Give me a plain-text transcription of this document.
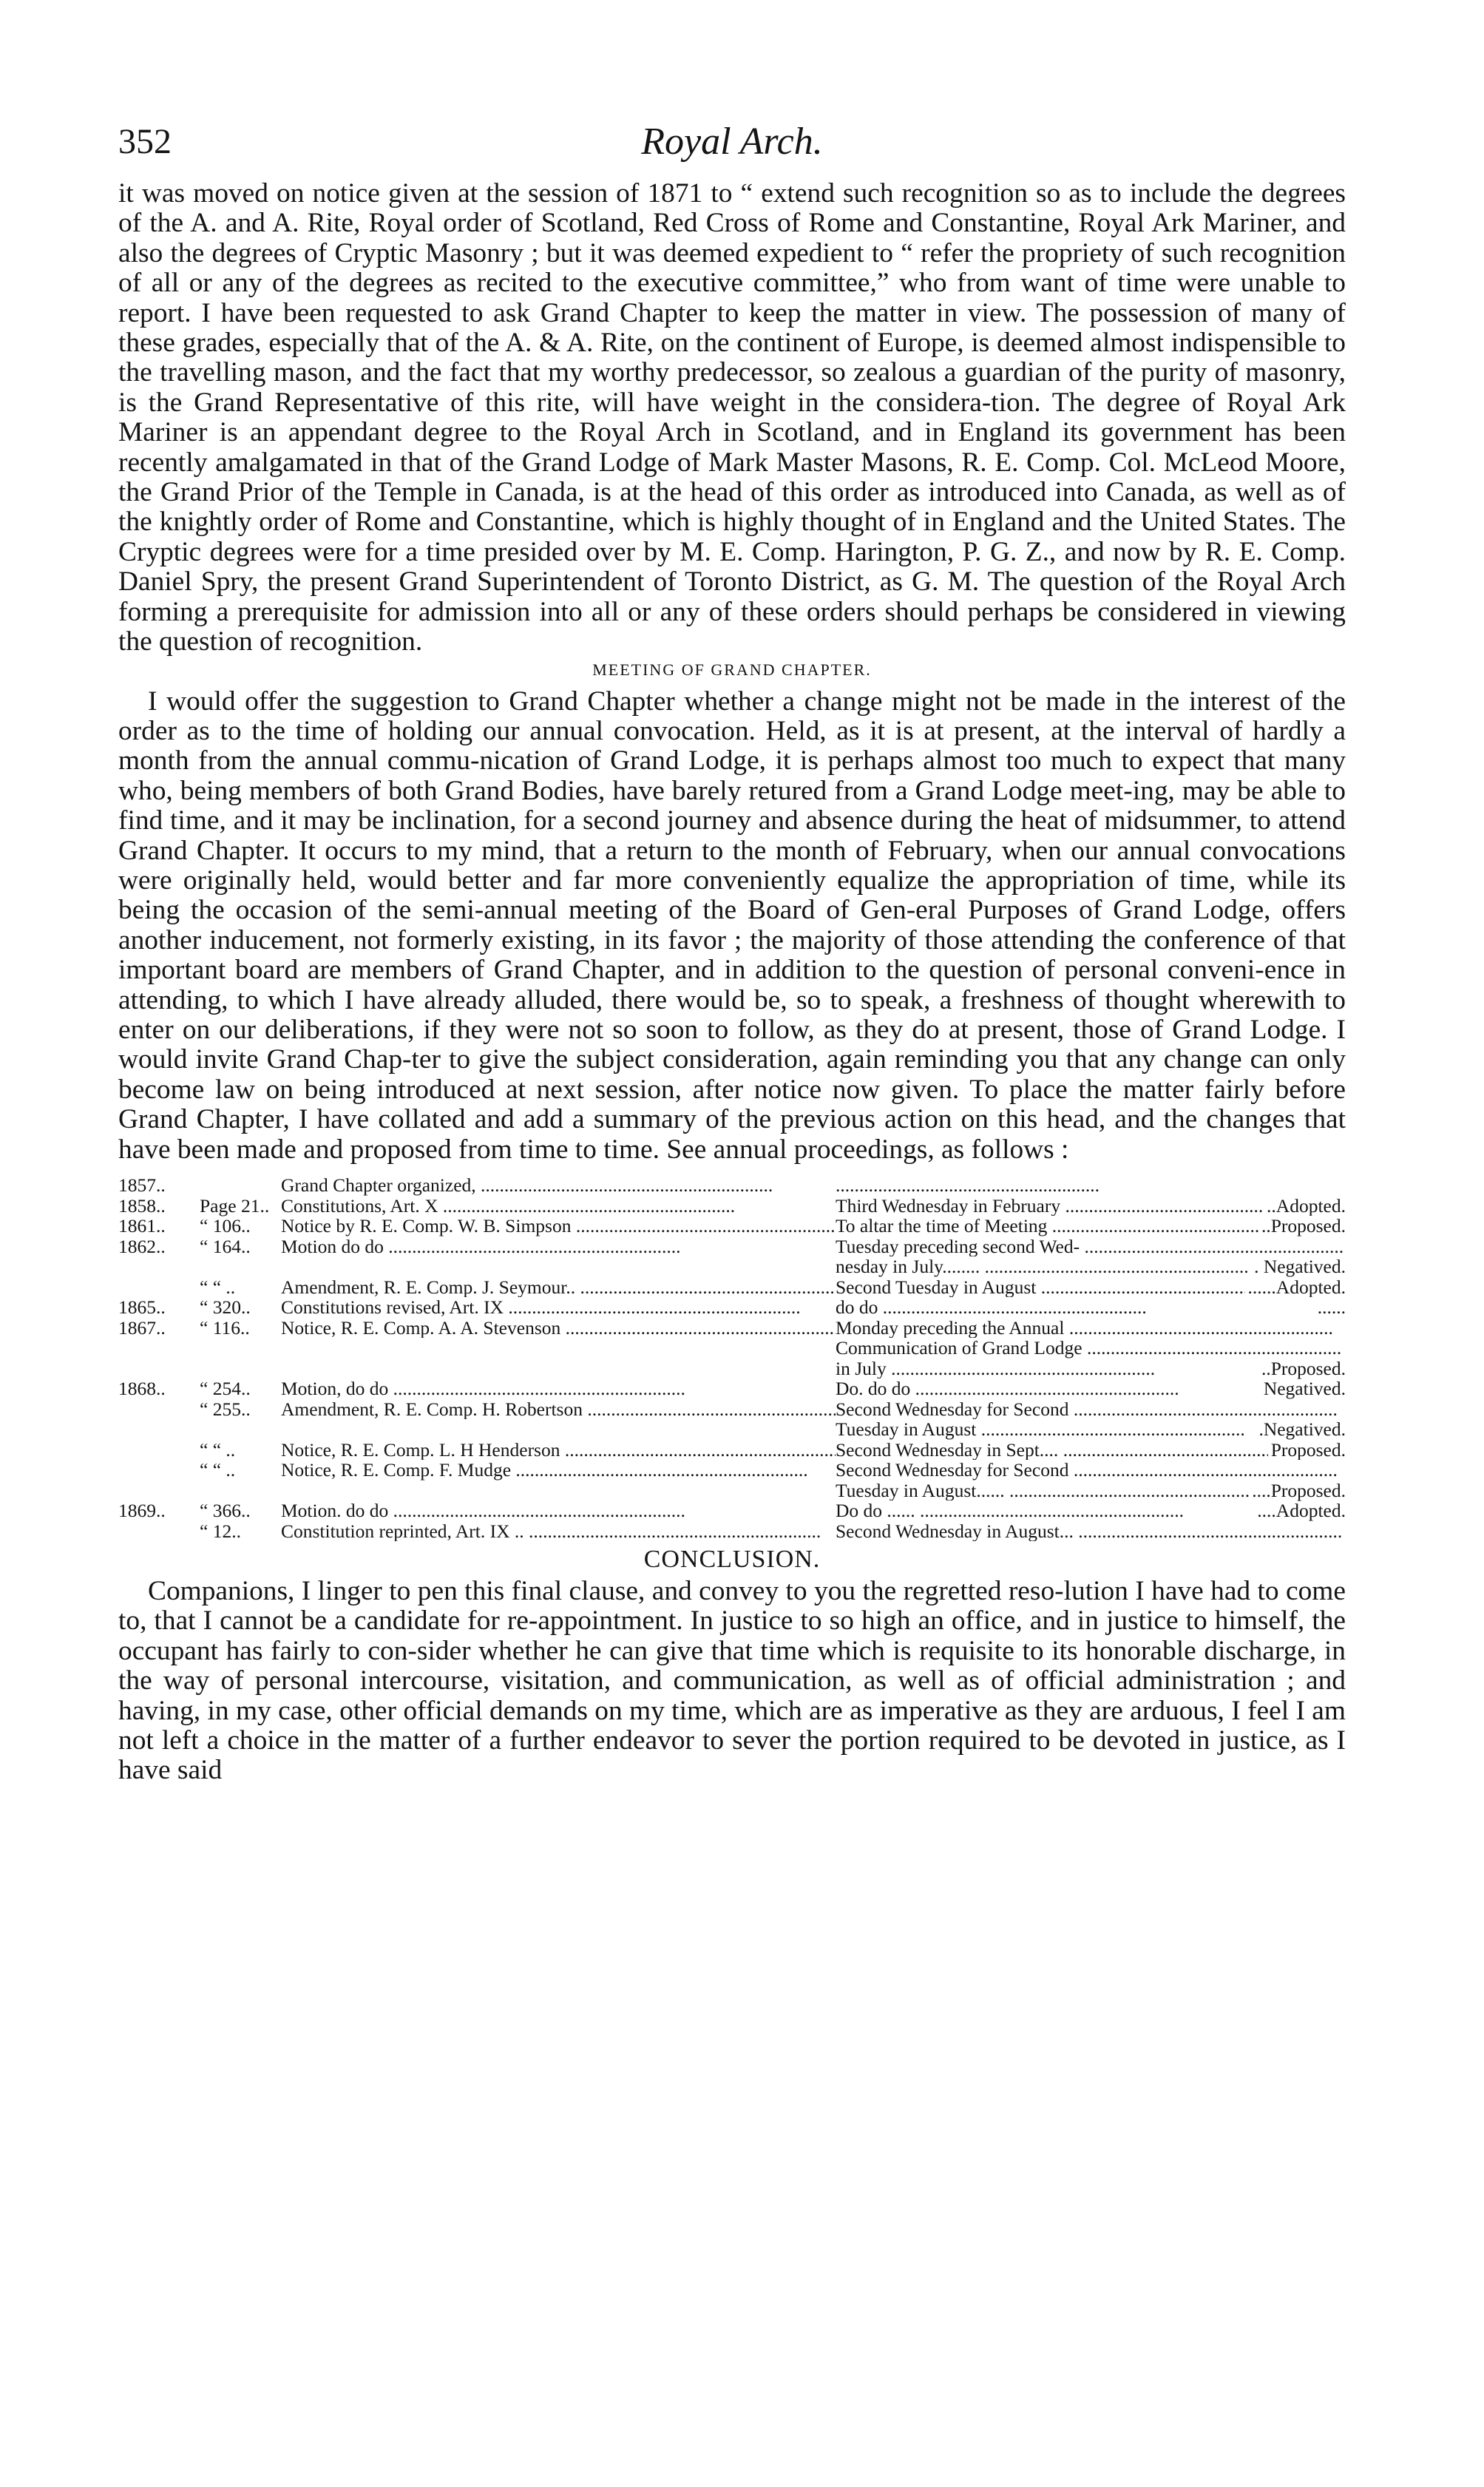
352	Royal Arch.

it was moved on notice given at the session of 1871 to “ extend such recognition so as to include the degrees of the A. and A. Rite, Royal order of Scotland, Red Cross of Rome and Constantine, Royal Ark Mariner, and also the degrees of Cryptic Masonry ; but it was deemed expedient to “ refer the propriety of such recognition of all or any of the degrees as recited to the executive committee,” who from want of time were unable to report. I have been requested to ask Grand Chapter to keep the matter in view. The possession of many of these grades, especially that of the A. & A. Rite, on the continent of Europe, is deemed almost indispensible to the travelling mason, and the fact that my worthy predecessor, so zealous a guardian of the purity of masonry, is the Grand Representative of this rite, will have weight in the considera-tion. The degree of Royal Ark Mariner is an appendant degree to the Royal Arch in Scotland, and in England its government has been recently amalgamated in that of the Grand Lodge of Mark Master Masons, R. E. Comp. Col. McLeod Moore, the Grand Prior of the Temple in Canada, is at the head of this order as introduced into Canada, as well as of the knightly order of Rome and Constantine, which is highly thought of in England and the United States. The Cryptic degrees were for a time presided over by M. E. Comp. Harington, P. G. Z., and now by R. E. Comp. Daniel Spry, the present Grand Superintendent of Toronto District, as G. M. The question of the Royal Arch forming a prerequisite for admission into all or any of these orders should perhaps be considered in viewing the question of recognition.

MEETING OF GRAND CHAPTER.

I would offer the suggestion to Grand Chapter whether a change might not be made in the interest of the order as to the time of holding our annual convocation. Held, as it is at present, at the interval of hardly a month from the annual commu-nication of Grand Lodge, it is perhaps almost too much to expect that many who, being members of both Grand Bodies, have barely retured from a Grand Lodge meet-ing, may be able to find time, and it may be inclination, for a second journey and absence during the heat of midsummer, to attend Grand Chapter. It occurs to my mind, that a return to the month of February, when our annual convocations were originally held, would better and far more conveniently equalize the appropriation of time, while its being the occasion of the semi-annual meeting of the Board of Gen-eral Purposes of Grand Lodge, offers another inducement, not formerly existing, in its favor ; the majority of those attending the conference of that important board are members of Grand Chapter, and in addition to the question of personal conveni-ence in attending, to which I have already alluded, there would be, so to speak, a freshness of thought wherewith to enter on our deliberations, if they were not so soon to follow, as they do at present, those of Grand Lodge. I would invite Grand Chap-ter to give the subject consideration, again reminding you that any change can only become law on being introduced at next session, after notice now given. To place the matter fairly before Grand Chapter, I have collated and add a summary of the previous action on this head, and the changes that have been made and proposed from time to time. See annual proceedings, as follows :

1857..	Grand Chapter organized, .....
.....
1858..	Page 21.. Constitutions, Art. X .....	Third Wednesday in February .....	..Adopted.
1861..	“ 106..	Notice by R. E. Comp. W. B. Simpson .....	To altar the time of Meeting .....	..Proposed.
1862..	“ 164..	Motion do do .....	Tuesday preceding second Wed- .....
nesday in July........ .....	. Negatived.
“ “ ..	Amendment, R. E. Comp. J. Seymour.. .....	Second Tuesday in August .....	......Adopted.
1865..	“ 320..	Constitutions revised, Art. IX .....	do do .....	......
1867..	“ 116..	Notice, R. E. Comp. A. A. Stevenson .....	Monday preceding the Annual .....
Communication of Grand Lodge .....
in July .....	..Proposed.
1868..	“ 254..	Motion, do do .....	Do. do do .....	Negatived.
“ 255..	Amendment, R. E. Comp. H. Robertson .....	Second Wednesday for Second .....
Tuesday in August .....	.Negatived.
“ “ ..	Notice, R. E. Comp. L. H Henderson .....	Second Wednesday in Sept.... .....	Proposed.
“ “ ..	Notice, R. E. Comp. F. Mudge .....	Second Wednesday for Second .....
Tuesday in August...... .....	....Proposed.
1869..	“ 366..	Motion. do do .....	Do do ...... .....	....Adopted.
“ 12..	Constitution reprinted, Art. IX .. .....	Second Wednesday in August... .....
CONCLUSION.

Companions, I linger to pen this final clause, and convey to you the regretted reso-lution I have had to come to, that I cannot be a candidate for re-appointment. In justice to so high an office, and in justice to himself, the occupant has fairly to con-sider whether he can give that time which is requisite to its honorable discharge, in the way of personal intercourse, visitation, and communication, as well as of official administration ; and having, in my case, other official demands on my time, which are as imperative as they are arduous, I feel I am not left a choice in the matter of a further endeavor to sever the portion required to be devoted in justice, as I have said
